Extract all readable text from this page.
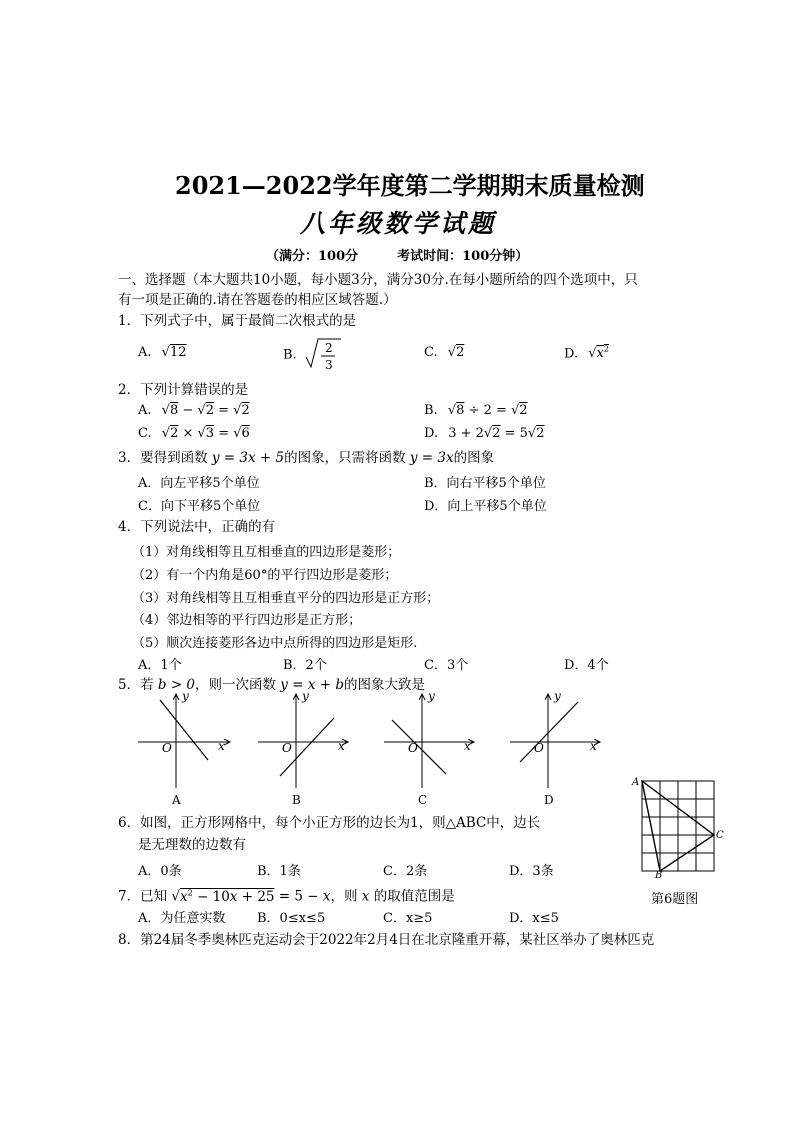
2021—2022学年度第二学期期末质量检测
八年级数学试题
（满分：100分　　　考试时间：100分钟）
一、选择题（本大题共10小题，每小题3分，满分30分.在每小题所给的四个选项中，只
有一项是正确的.请在答题卷的相应区域答题.）
1．下列式子中，属于最简二次根式的是
A. √12	B. 2
3
C. √2	D. $√x^2$
2．下列计算错误的是
A. √8 − √2 = √2	B. √8 ÷ 2 = √2
C. √2 × √3 = √6	D. 3 + 2√2 = 5√2
3．要得到函数 y = 3x + 5的图象，只需将函数 y = 3x的图象
A．向左平移5个单位	B．向右平移5个单位
C．向下平移5个单位	D．向上平移5个单位
4．下列说法中，正确的有
（1）对角线相等且互相垂直的四边形是菱形；
（2）有一个内角是60°的平行四边形是菱形；
（3）对角线相等且互相垂直平分的四边形是正方形；
（4）邻边相等的平行四边形是正方形；
（5）顺次连接菱形各边中点所得的四边形是矩形.
A．1个	B．2个	C．3个	D．4个
5．若 b > 0，则一次函数 y = x + b的图象大致是
x
y
O
A
x
y
O
B
x
y
O
C
x
y
O
D
A
C
B
第6题图
6．如图，正方形网格中，每个小正方形的边长为1，则△ABC中，边长
是无理数的边数有
A．0条	B．1条	C．2条	D．3条
7．已知 $√x^2 - 10x + 25 = 5 - x$，则 x 的取值范围是
A．为任意实数 B．0≤x≤5	C．x≥5	D．x≤5
8．第24届冬季奥林匹克运动会于2022年2月4日在北京隆重开幕，某社区举办了奥林匹克
